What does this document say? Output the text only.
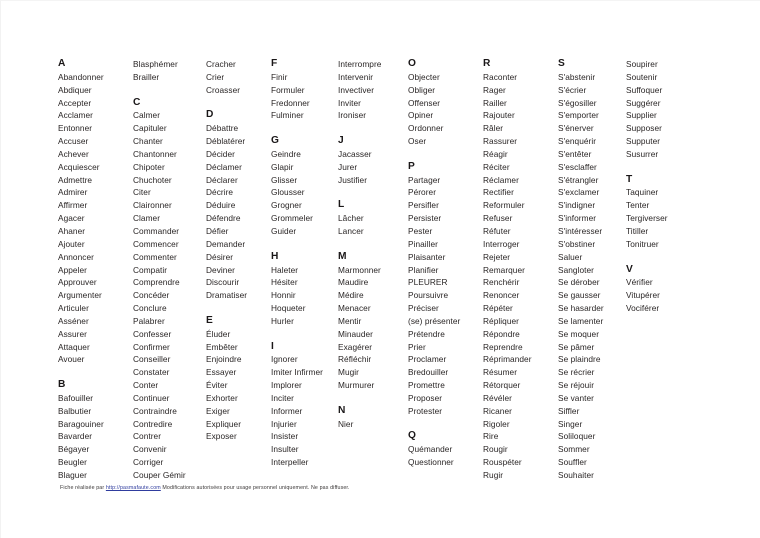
A
Abandonner
Abdiquer
Accepter
Acclamer
Entonner
Accuser
Achever
Acquiescer
Admettre
Admirer
Affirmer
Agacer
Ahaner
Ajouter
Annoncer
Appeler
Approuver
Argumenter
Articuler
Asséner
Assurer
Attaquer
Avouer
B
Bafouiller
Balbutier
Baragouiner
Bavarder
Bégayer
Beugler
Blaguer
Blasphémer
Brailler
C
Calmer
Capituler
Chanter
Chantonner
Chipoter
Chuchoter
Citer
Claironner
Clamer
Commander
Commencer
Commenter
Compatir
Comprendre
Concéder
Conclure
Palabrer
Confesser
Confirmer
Conseiller
Constater
Conter
Continuer
Contraindre
Contredire
Contrer
Convenir
Corriger
Couper Gémir
Cracher
Crier
Croasser
D
Débattre
Déblatérer
Décider
Déclamer
Déclarer
Décrire
Déduire
Défendre
Défier
Demander
Désirer
Deviner
Discourir
Dramatiser
E
Éluder
Embêter
Enjoindre
Essayer
Éviter
Exhorter
Exiger
Expliquer
Exposer
F
Finir
Formuler
Fredonner
Fulminer
G
Geindre
Glapir
Glisser
Glousser
Grogner
Grommeler
Guider
H
Haleter
Hésiter
Honnir
Hoqueter
Hurler
I
Ignorer
Imiter Infirmer
Implorer
Inciter
Informer
Injurier
Insister
Insulter
Interpeller
Interrompre
Intervenir
Invectiver
Inviter
Ironiser
J
Jacasser
Jurer
Justifier
L
Lâcher
Lancer
M
Marmonner
Maudire
Médire
Menacer
Mentir
Minauder
Exagérer
Réfléchir
Mugir
Murmurer
N
Nier
O
Objecter
Obliger
Offenser
Opiner
Ordonner
Oser
P
Partager
Pérorer
Persifler
Persister
Pester
Pinailler
Plaisanter
Planifier
PLEURER
Poursuivre
Préciser
(se) présenter
Prétendre
Prier
Proclamer
Bredouiller
Promettre
Proposer
Protester
Q
Quémander
Questionner
R
Raconter
Rager
Railler
Rajouter
Râler
Rassurer
Réagir
Réciter
Réclamer
Rectifier
Reformuler
Refuser
Réfuter
Interroger
Rejeter
Remarquer
Renchérir
Renoncer
Répéter
Répliquer
Répondre
Reprendre
Réprimander
Résumer
Rétorquer
Révéler
Ricaner
Rigoler
Rire
Rougir
Rouspéter
Rugir
S
S'abstenir
S'écrier
S'égosiller
S'emporter
S'énerver
S'enquérir
S'entêter
S'esclaffer
S'étrangler
S'exclamer
S'indigner
S'informer
S'intéresser
S'obstiner
Saluer
Sangloter
Se dérober
Se gausser
Se hasarder
Se lamenter
Se moquer
Se pâmer
Se plaindre
Se récrier
Se réjouir
Se vanter
Siffler
Singer
Soliloquer
Sommer
Souffler
Souhaiter
Soupirer
Soutenir
Suffoquer
Suggérer
Supplier
Supposer
Supputer
Susurrer
T
Taquiner
Tenter
Tergiverser
Titiller
Tonitruer
V
Vérifier
Vitupérer
Vociférer
Fiche réalisée par http://pasmafaute.com Modifications autorisées pour usage personnel uniquement. Ne pas diffuser.
